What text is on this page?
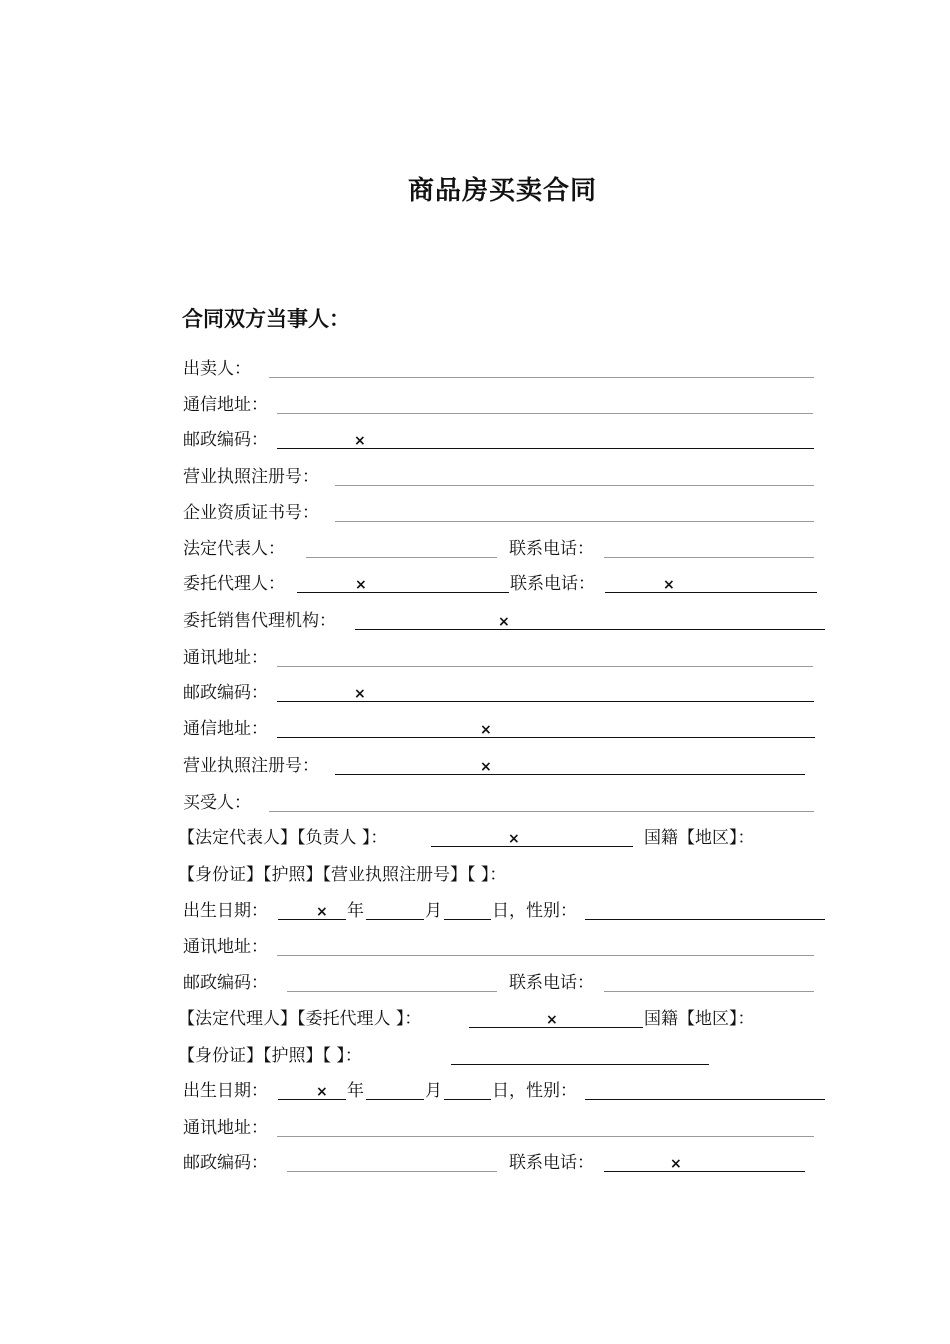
商品房买卖合同
合同双方当事人：
出卖人：
通信地址：
邮政编码：	×
营业执照注册号：
企业资质证书号：
法定代表人：	联系电话：
委托代理人：	×	联系电话：	×
委托销售代理机构：	×
通讯地址：
邮政编码：	×
通信地址：	×
营业执照注册号：	×
买受人：
【法定代表人】【负责人 】：	×	国籍【地区】：
【身份证】【护照】【营业执照注册号】【 】：
出生日期：	× 年	月	日，性别：
通讯地址：
邮政编码：	联系电话：
【法定代理人】【委托代理人 】：	×	国籍【地区】：
【身份证】【护照】【 】：
出生日期：	× 年	月	日，性别：
通讯地址：
邮政编码：	联系电话：	×
